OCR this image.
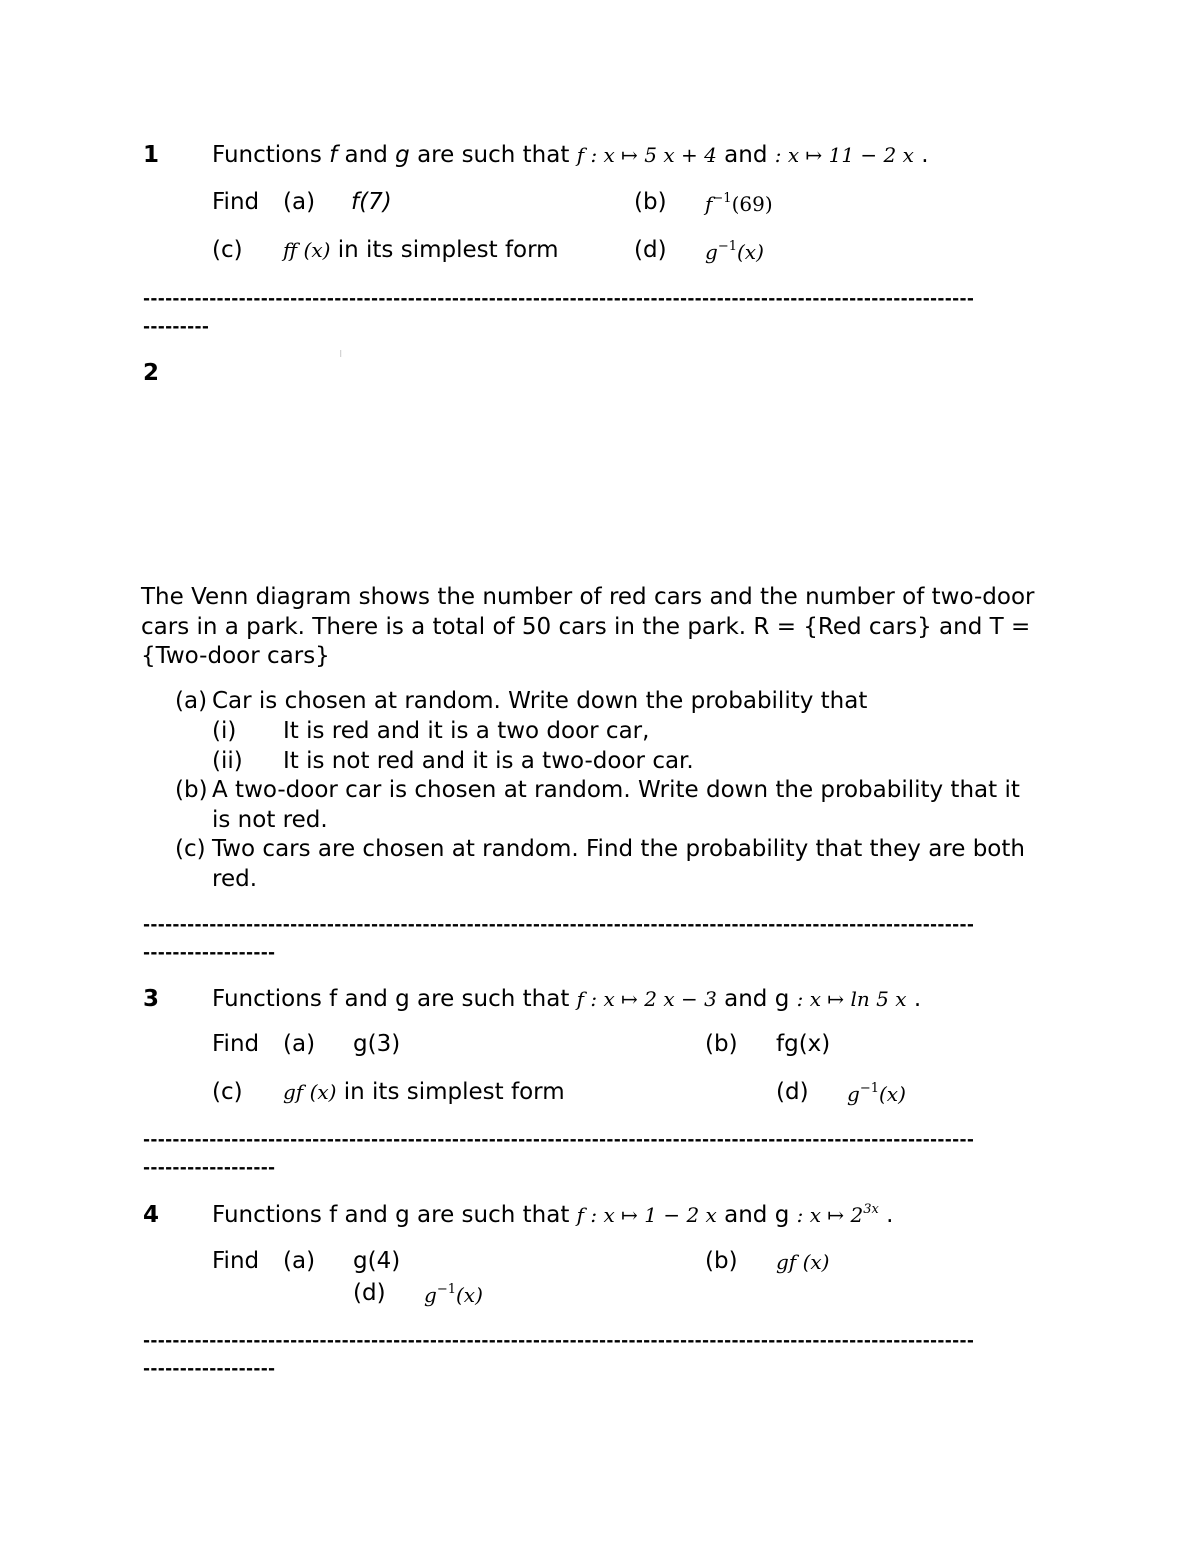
1 Functions f and g are such that f : x ↦ 5 x + 4 and : x ↦ 11 − 2 x .
Find (a) f(7)	(b) $f^{-1}(69)$
(c) ff (x) in its simplest form	(d) $g^{-1}(x)$
-----------------------------------------------------------------------------------------------------------------
---------
ı
2
The Venn diagram shows the number of red cars and the number of two-door cars in a park. There is a total of 50 cars in the park. R = {Red cars} and T = {Two-door cars}
(a) Car is chosen at random. Write down the probability that
(i) It is red and it is a two door car,
(ii) It is not red and it is a two-door car.
(b) A two-door car is chosen at random. Write down the probability that it
is not red.
(c) Two cars are chosen at random. Find the probability that they are both
red.
-----------------------------------------------------------------------------------------------------------------
------------------
3 Functions f and g are such that f : x ↦ 2 x − 3 and g : x ↦ ln 5 x .
Find (a) g(3)	(b) fg(x)
(c) gf (x) in its simplest form	(d) $g^{-1}(x)$
-----------------------------------------------------------------------------------------------------------------
------------------
4 Functions f and g are such that f : x ↦ 1 − 2 x and g : x ↦ $2^{3x}$ .
Find (a) g(4)	(b) gf (x)
(d) $g^{-1}(x)$
-----------------------------------------------------------------------------------------------------------------
------------------
